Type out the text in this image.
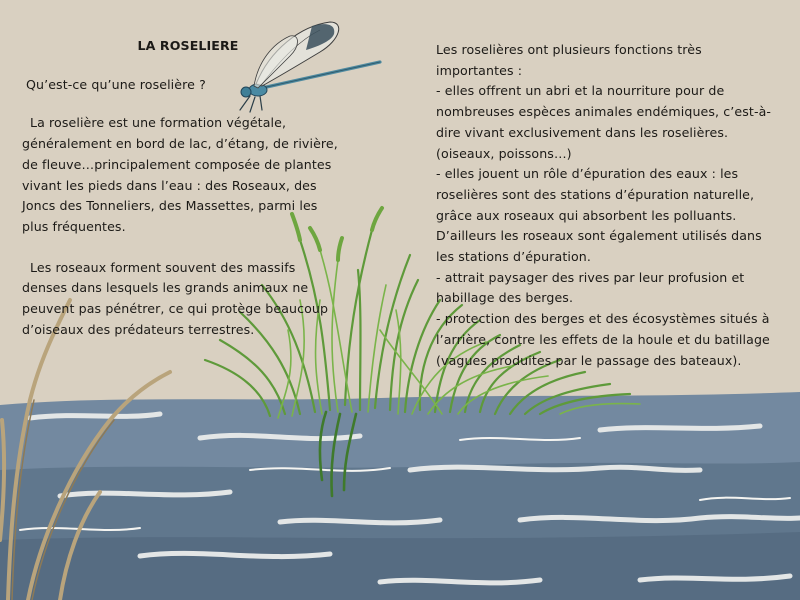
LA ROSELIERE

Qu’est-ce qu’une roselière ?

La roselière est une formation végétale, généralement en bord de lac, d’étang, de rivière, de fleuve…principalement composée de plantes vivant les pieds dans l’eau : des Roseaux, des Joncs des Tonneliers, des Massettes, parmi les plus fréquentes.

Les roseaux forment souvent des massifs denses dans lesquels les grands animaux ne peuvent pas pénétrer, ce qui protège beaucoup d’oiseaux des prédateurs terrestres.

Les roselières ont plusieurs fonctions très importantes :

- elles offrent un abri et la nourriture pour de nombreuses espèces animales endémiques, c’est-à-dire vivant exclusivement dans les roselières. (oiseaux, poissons…)

- elles jouent un rôle d’épuration des eaux : les roselières sont des stations d’épuration naturelle, grâce aux roseaux qui absorbent les polluants. D’ailleurs les roseaux sont également utilisés dans les stations d’épuration.

- attrait paysager des rives par leur profusion et habillage des berges.

- protection des berges et des écosystèmes situés à l’arrière, contre les effets de la houle et du batillage (vagues produites par le passage des bateaux).
